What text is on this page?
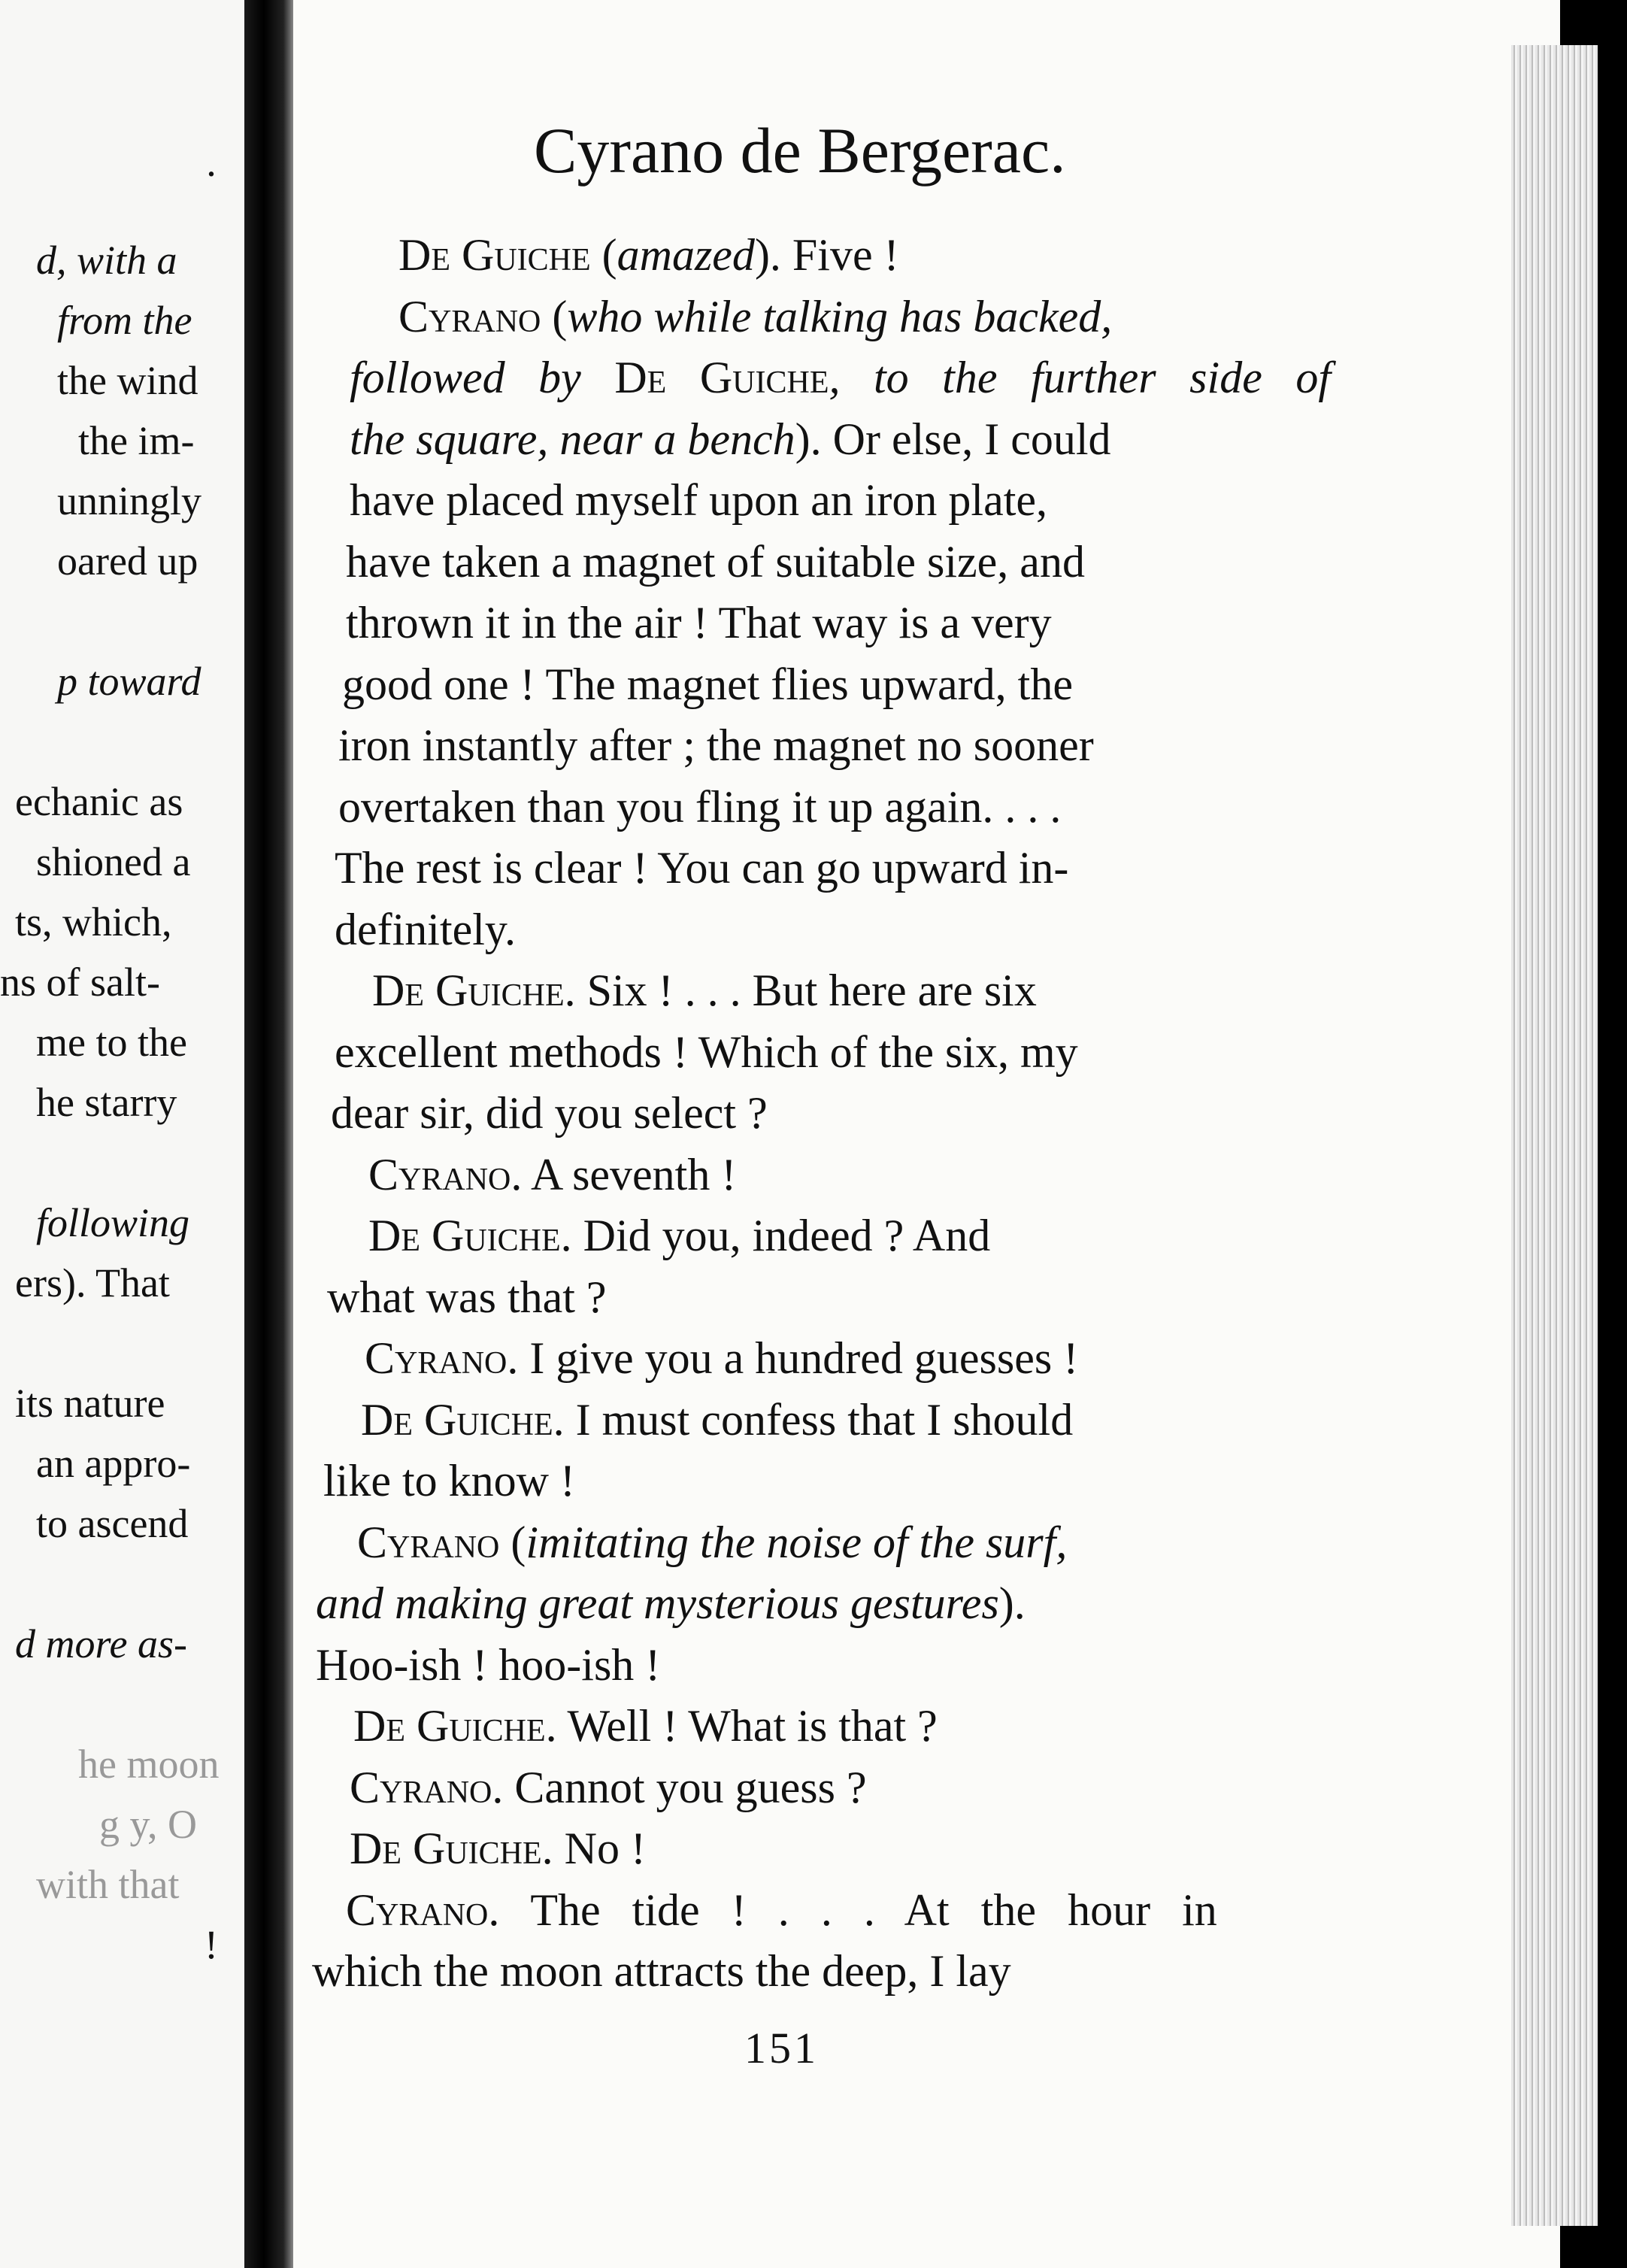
·
d, with a
from the
the wind
the im-
unningly
oared up
p toward
echanic as
shioned a
ts, which,
ns of salt-
me to the
he starry
following
ers). That
its nature
an appro-
to ascend
d more as-
he moon
g y, O
with that
!
Cyrano de Bergerac.
De Guiche (amazed). Five !
Cyrano (who while talking has backed,
followed by De Guiche, to the further side of
the square, near a bench). Or else, I could
have placed myself upon an iron plate,
have taken a magnet of suitable size, and
thrown it in the air ! That way is a very
good one ! The magnet flies upward, the
iron instantly after ; the magnet no sooner
overtaken than you fling it up again. . . .
The rest is clear ! You can go upward in-
definitely.
De Guiche. Six ! . . . But here are six
excellent methods ! Which of the six, my
dear sir, did you select ?
Cyrano. A seventh !
De Guiche. Did you, indeed ? And
what was that ?
Cyrano. I give you a hundred guesses !
De Guiche. I must confess that I should
like to know !
Cyrano (imitating the noise of the surf,
and making great mysterious gestures).
Hoo-ish ! hoo-ish !
De Guiche. Well ! What is that ?
Cyrano. Cannot you guess ?
De Guiche. No !
Cyrano. The tide ! . . . At the hour in
which the moon attracts the deep, I lay
151
